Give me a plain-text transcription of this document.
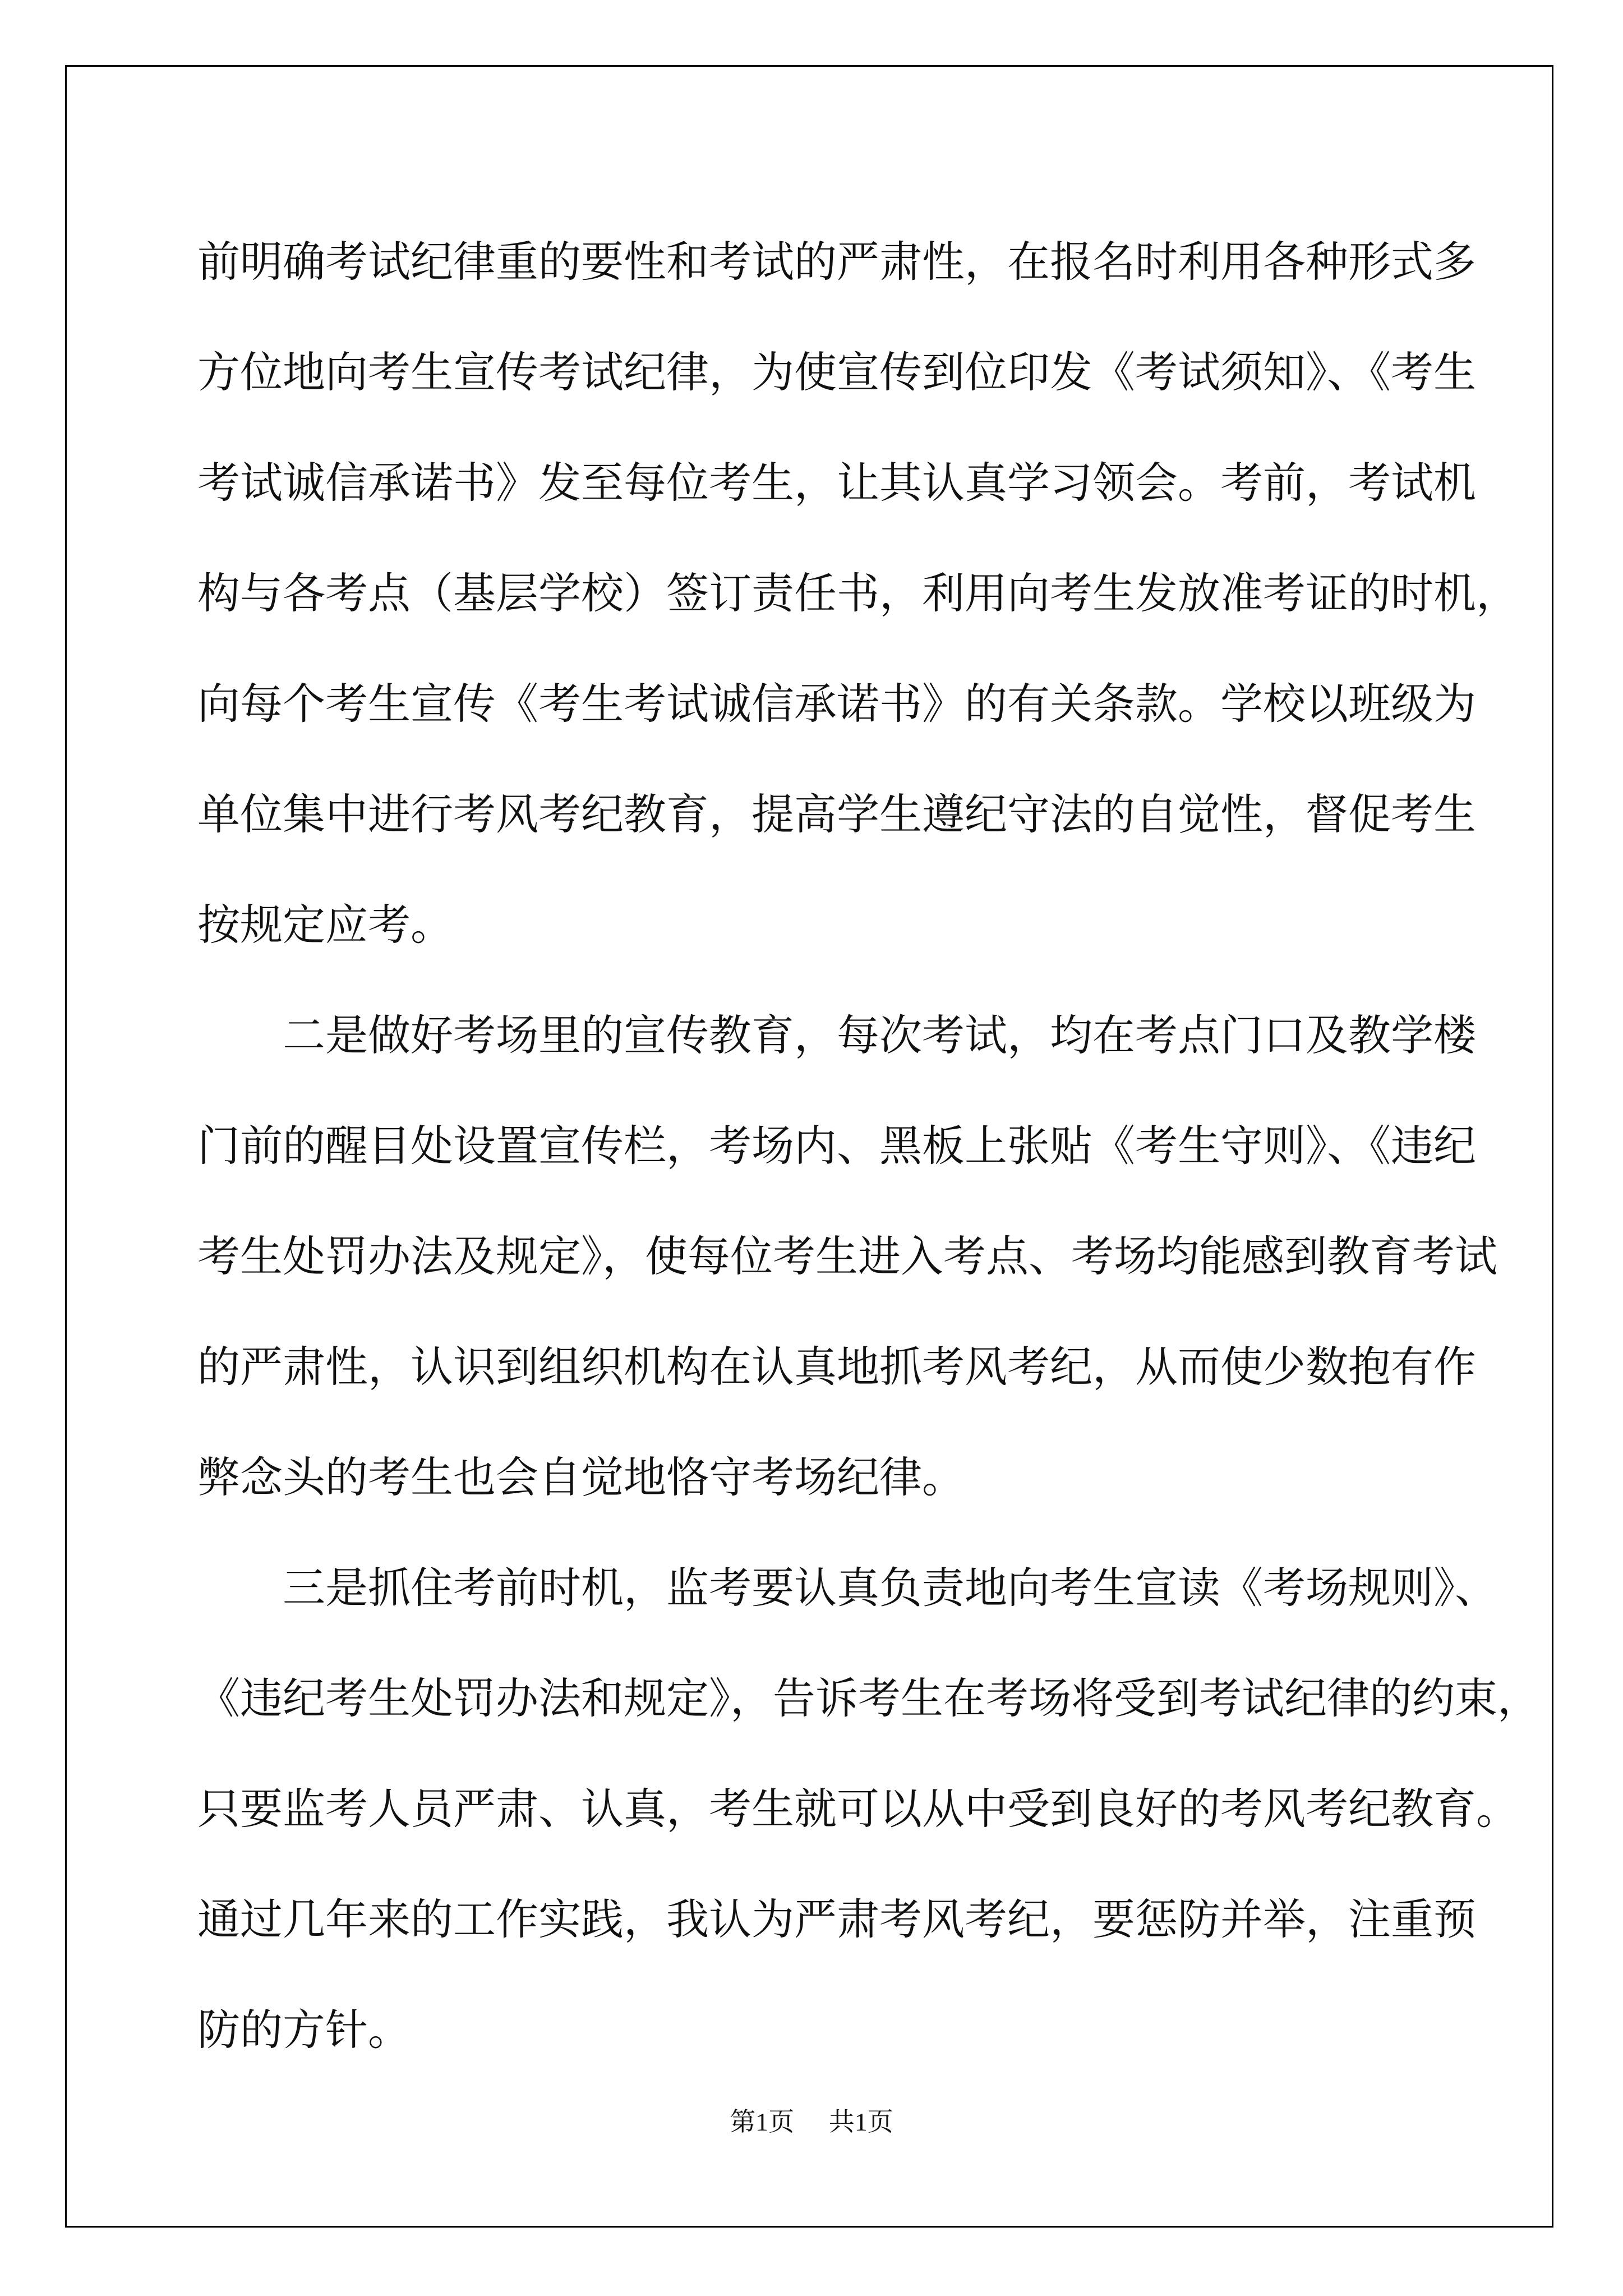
前明确考试纪律重的要性和考试的严肃性，在报名时利用各种形式多
方位地向考生宣传考试纪律，为使宣传到位印发《考试须知》、《考生
考试诚信承诺书》发至每位考生，让其认真学习领会。考前，考试机
构与各考点（基层学校）签订责任书，利用向考生发放准考证的时机，
向每个考生宣传《考生考试诚信承诺书》的有关条款。学校以班级为
单位集中进行考风考纪教育，提高学生遵纪守法的自觉性，督促考生
按规定应考。
二是做好考场里的宣传教育，每次考试，均在考点门口及教学楼
门前的醒目处设置宣传栏，考场内、黑板上张贴《考生守则》、《违纪
考生处罚办法及规定》，使每位考生进入考点、考场均能感到教育考试
的严肃性，认识到组织机构在认真地抓考风考纪，从而使少数抱有作
弊念头的考生也会自觉地恪守考场纪律。
三是抓住考前时机，监考要认真负责地向考生宣读《考场规则》、
《违纪考生处罚办法和规定》，告诉考生在考场将受到考试纪律的约束，
只要监考人员严肃、认真，考生就可以从中受到良好的考风考纪教育。
通过几年来的工作实践，我认为严肃考风考纪，要惩防并举，注重预
防的方针。
第1页 共1页
